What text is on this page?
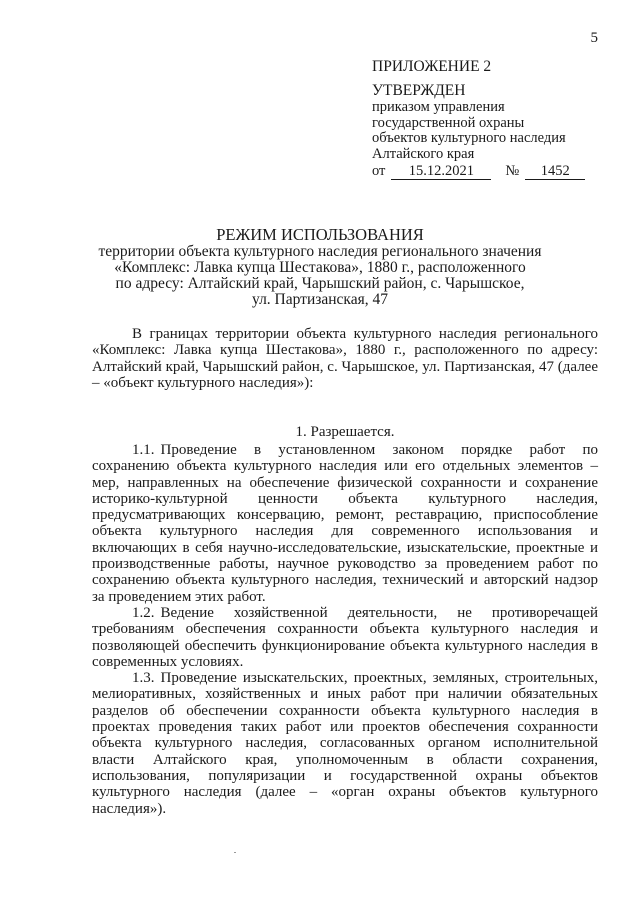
5
ПРИЛОЖЕНИЕ 2
УТВЕРЖДЕН
приказом управления
государственной охраны
объектов культурного наследия
Алтайского края
от 15.12.2021 № 1452
РЕЖИМ ИСПОЛЬЗОВАНИЯ
территории объекта культурного наследия регионального значения
«Комплекс: Лавка купца Шестакова», 1880 г., расположенного
по адресу: Алтайский край, Чарышский район, с. Чарышское,
ул. Партизанская, 47

В границах территории объекта культурного наследия регионального «Комплекс: Лавка купца Шестакова», 1880 г., расположенного по адресу: Алтайский край, Чарышский район, с. Чарышское, ул. Партизанская, 47 (далее – «объект культурного наследия»):

1. Разрешается.

1.1. Проведение в установленном законом порядке работ по сохранению объекта культурного наследия или его отдельных элементов – мер, направленных на обеспечение физической сохранности и сохранение историко-культурной ценности объекта культурного наследия, предусматривающих консервацию, ремонт, реставрацию, приспособление объекта культурного наследия для современного использования и включающих в себя научно-исследовательские, изыскательские, проектные и производственные работы, научное руководство за проведением работ по сохранению объекта культурного наследия, технический и авторский надзор за проведением этих работ.

1.2. Ведение хозяйственной деятельности, не противоречащей требованиям обеспечения сохранности объекта культурного наследия и позволяющей обеспечить функционирование объекта культурного наследия в современных условиях.

1.3. Проведение изыскательских, проектных, земляных, строительных, мелиоративных, хозяйственных и иных работ при наличии обязательных разделов об обеспечении сохранности объекта культурного наследия в проектах проведения таких работ или проектов обеспечения сохранности объекта культурного наследия, согласованных органом исполнительной власти Алтайского края, уполномоченным в области сохранения, использования, популяризации и государственной охраны объектов культурного наследия (далее – «орган охраны объектов культурного наследия»).
